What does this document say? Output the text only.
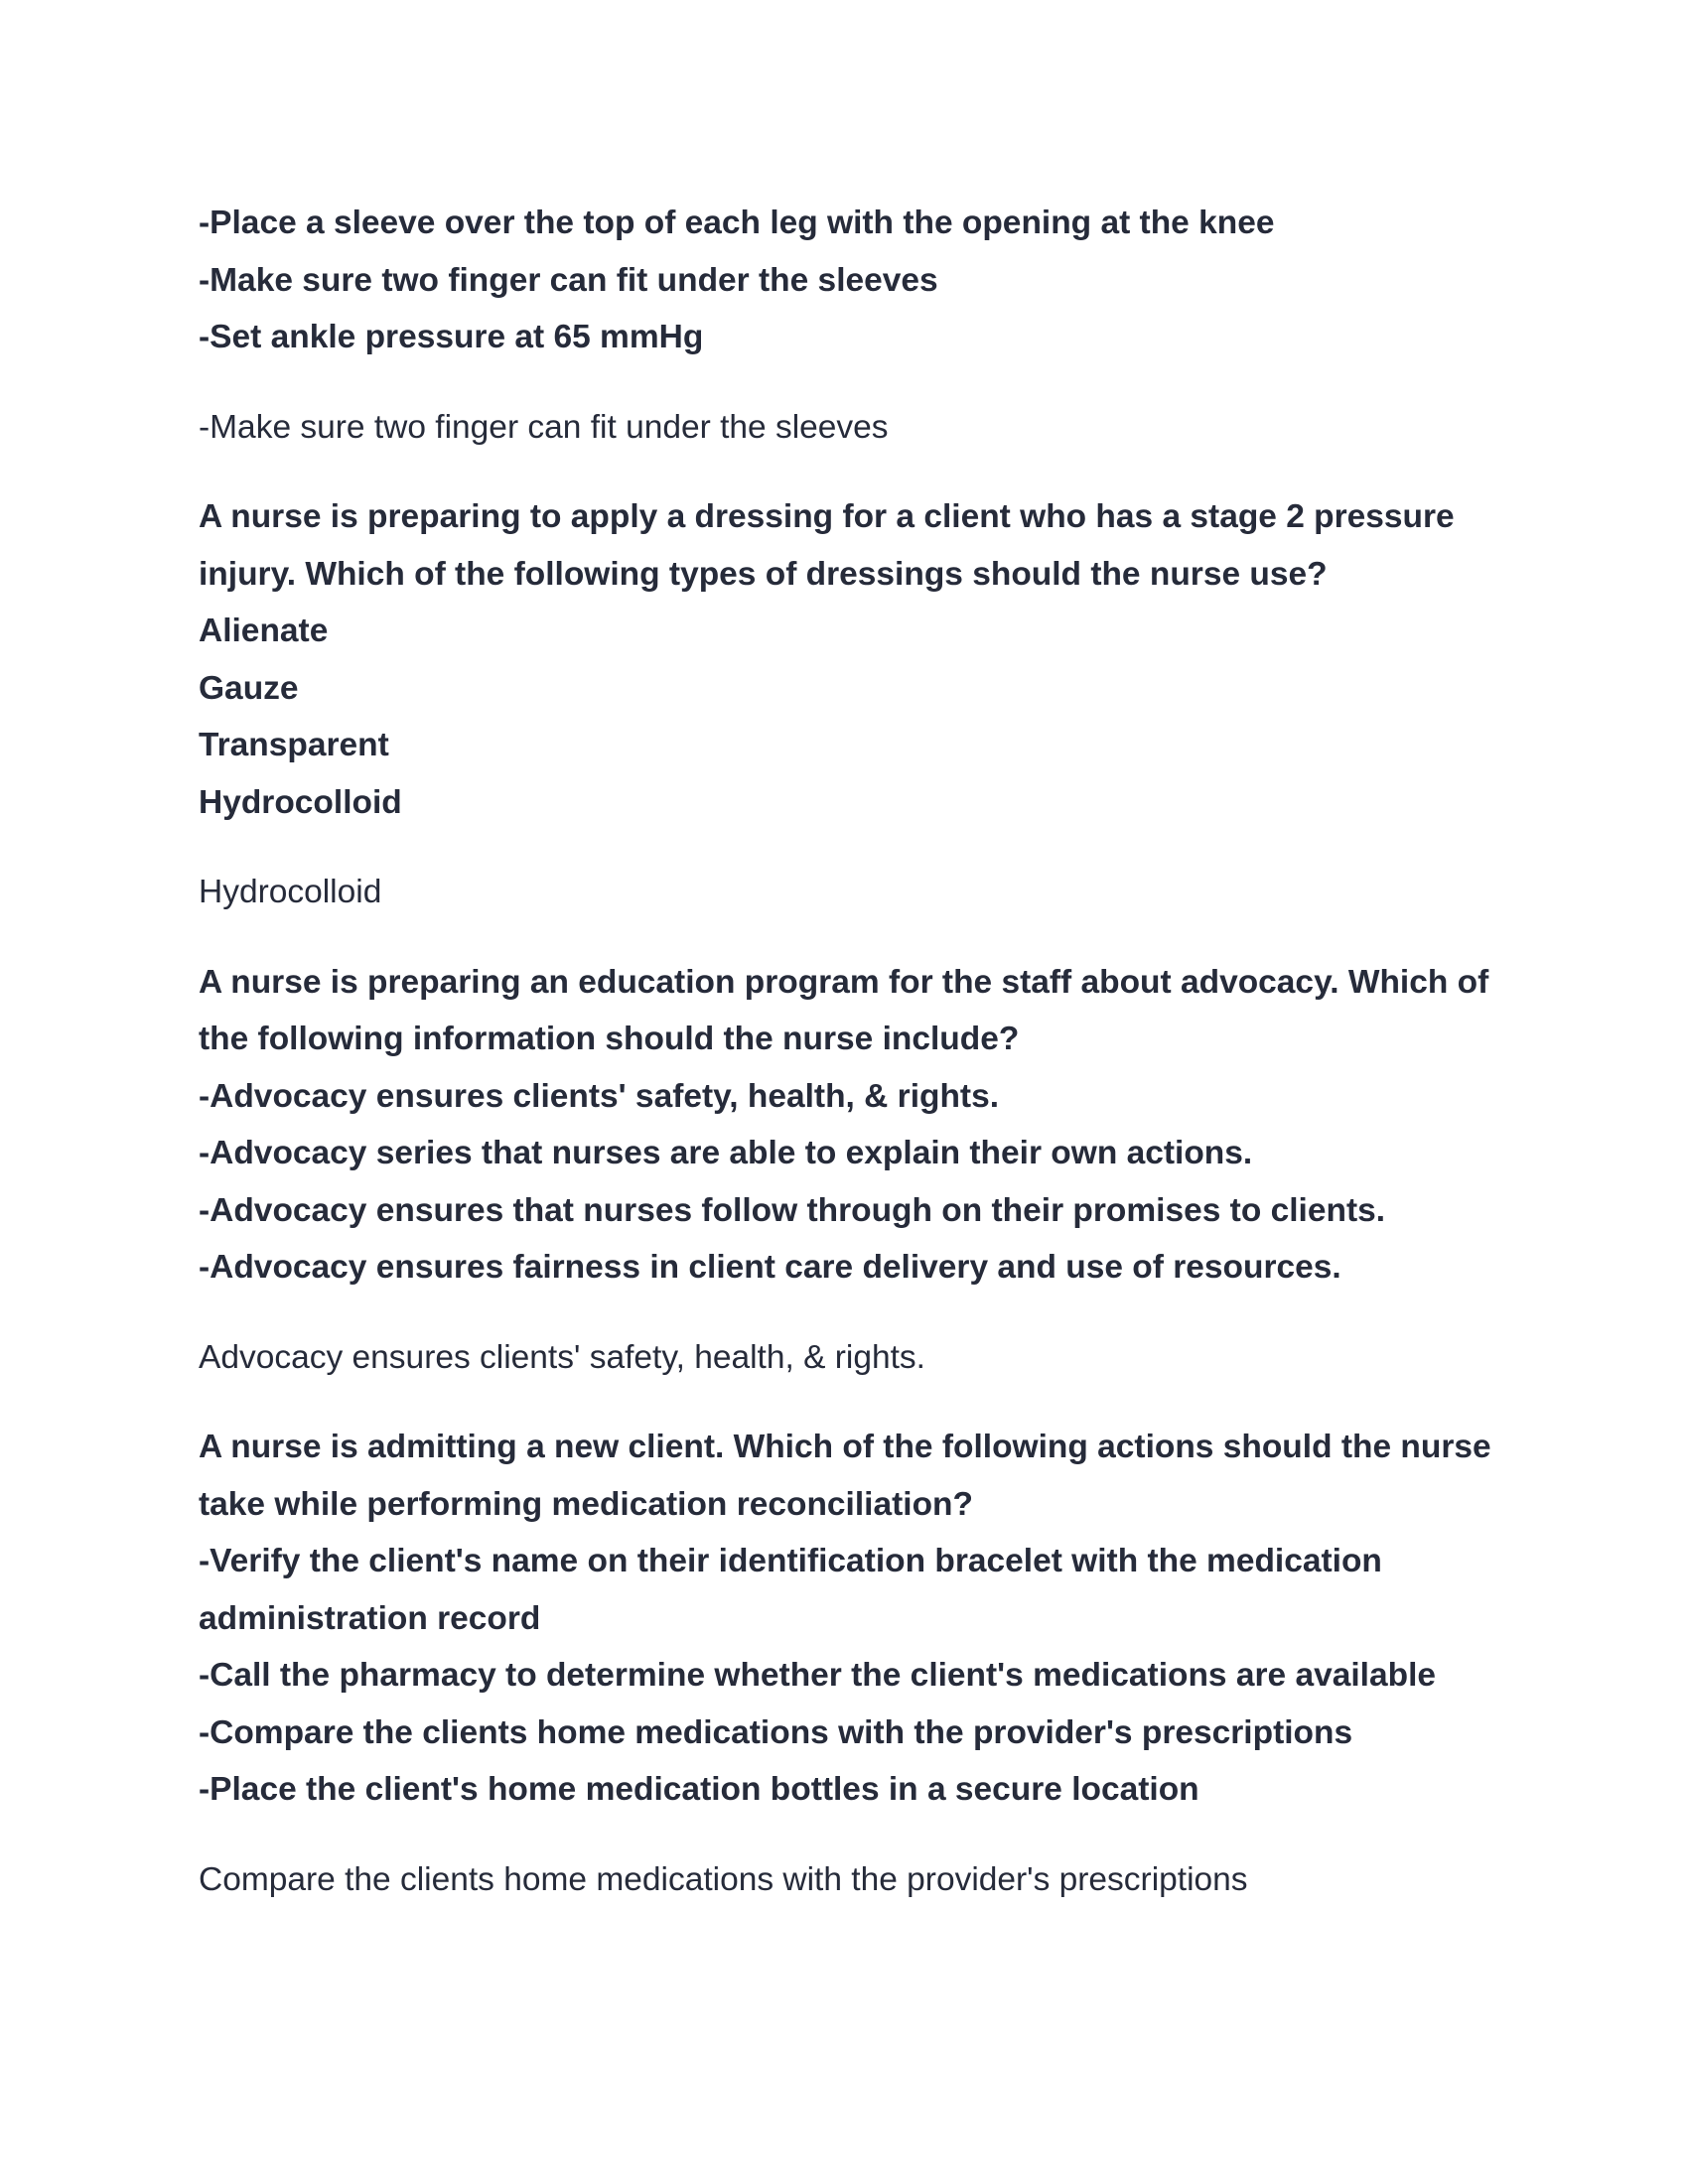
-Place a sleeve over the top of each leg with the opening at the knee
-Make sure two finger can fit under the sleeves
-Set ankle pressure at 65 mmHg
-Make sure two finger can fit under the sleeves
A nurse is preparing to apply a dressing for a client who has a stage 2 pressure
injury. Which of the following types of dressings should the nurse use?
Alienate
Gauze
Transparent
Hydrocolloid
Hydrocolloid
A nurse is preparing an education program for the staff about advocacy. Which of
the following information should the nurse include?
-Advocacy ensures clients' safety, health, & rights.
-Advocacy series that nurses are able to explain their own actions.
-Advocacy ensures that nurses follow through on their promises to clients.
-Advocacy ensures fairness in client care delivery and use of resources.
Advocacy ensures clients' safety, health, & rights.
A nurse is admitting a new client. Which of the following actions should the nurse
take while performing medication reconciliation?
-Verify the client's name on their identification bracelet with the medication
administration record
-Call the pharmacy to determine whether the client's medications are available
-Compare the clients home medications with the provider's prescriptions
-Place the client's home medication bottles in a secure location
Compare the clients home medications with the provider's prescriptions
